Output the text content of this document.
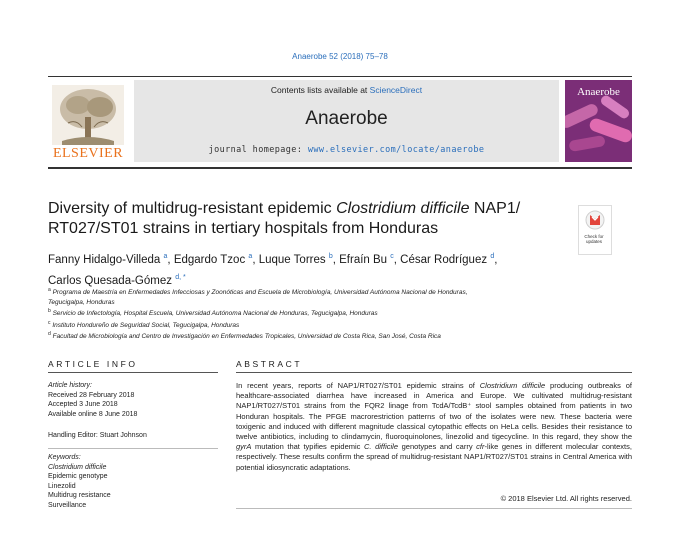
Anaerobe 52 (2018) 75–78
ELSEVIER
Contents lists available at ScienceDirect
Anaerobe
journal homepage: www.elsevier.com/locate/anaerobe
Anaerobe
Diversity of multidrug-resistant epidemic Clostridium difficile NAP1/
RT027/ST01 strains in tertiary hospitals from Honduras	Check for
updates
Fanny Hidalgo-Villeda $^a$, Edgardo Tzoc $^a$, Luque Torres $^b$, Efraín Bu $^c$, César Rodríguez $^d$,
Carlos Quesada-Gómez $^{d, *}$
$^a$ Programa de Maestría en Enfermedades Infecciosas y Zoonóticas and Escuela de Microbiología, Universidad Autónoma Nacional de Honduras,
Tegucigalpa, Honduras
$^b$ Servicio de Infectología, Hospital Escuela, Universidad Autónoma Nacional de Honduras, Tegucigalpa, Honduras
$^c$ Instituto Hondureño de Seguridad Social, Tegucigalpa, Honduras
$^d$ Facultad de Microbiología and Centro de Investigación en Enfermedades Tropicales, Universidad de Costa Rica, San José, Costa Rica
ARTICLE INFO	ABSTRACT
Article history:
Received 28 February 2018
Accepted 3 June 2018
Available online 8 June 2018
Handling Editor: Stuart Johnson
Keywords:
Clostridium difficile
Epidemic genotype
Linezolid
Multidrug resistance
Surveillance
In recent years, reports of NAP1/RT027/ST01 epidemic strains of Clostridium difficile producing outbreaks of healthcare-associated diarrhea have increased in America and Europe. We cultivated multidrug-resistant NAP1/RT027/ST01 strains from the FQR2 linage from TcdA/TcdB⁺ stool samples obtained from patients in two Honduran hospitals. The PFGE macrorestriction patterns of two of the isolates were new. These bacteria were toxigenic and induced with different magnitude classical cytopathic effects on HeLa cells. Besides their resistance to twelve antibiotics, including to clindamycin, fluoroquinolones, linezolid and tigecycline. In this regard, they show the gyrA mutation that typifies epidemic C. difficile genotypes and carry cfr-like genes in different molecular contexts, respectively. These results confirm the spread of multidrug-resistant NAP1/RT027/ST01 strains in Central America with potential idiosyncratic adaptations.
© 2018 Elsevier Ltd. All rights reserved.
